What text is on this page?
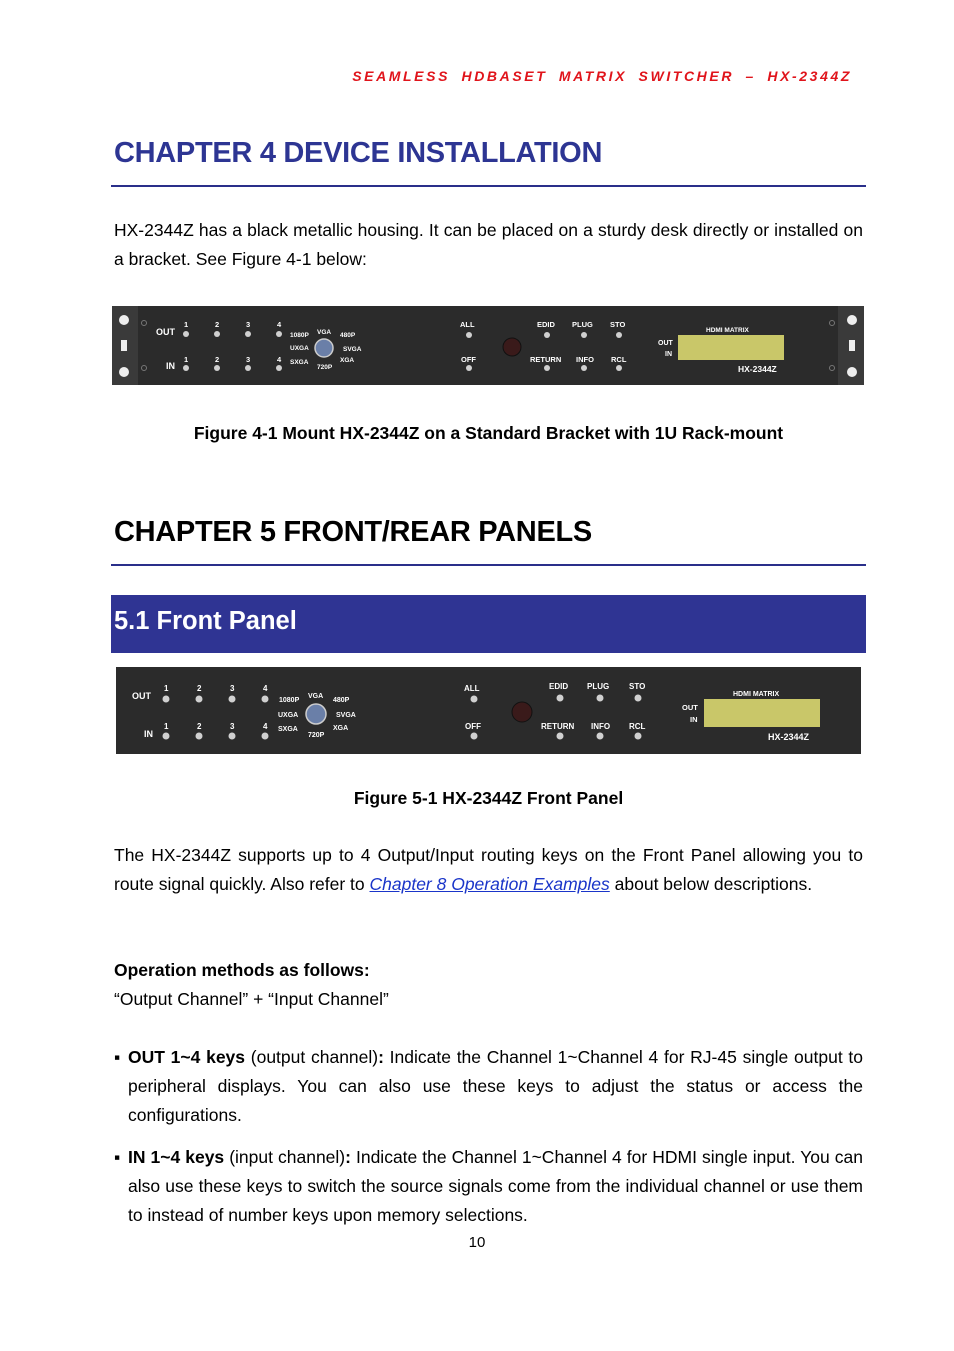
SEAMLESS HDBASET MATRIX SWITCHER – HX-2344Z
CHAPTER 4 DEVICE INSTALLATION
HX-2344Z has a black metallic housing. It can be placed on a sturdy desk directly or installed on a bracket. See Figure 4-1 below:
OUT
IN
1
1
2
2
3
3
4
4
1080P VGA 480P
UXGA	SVGA
SXGA	XGA
720P
ALL
OFF
EDID PLUG STO
RETURN INFO RCL
HDMI MATRIX
OUT
IN
HX-2344Z
Figure 4-1 Mount HX-2344Z on a Standard Bracket with 1U Rack-mount
CHAPTER 5 FRONT/REAR PANELS
5.1 Front Panel
OUT
IN
1
1
2
2
3
3
4
4
1080P
VGA
480P
UXGA	SVGA
SXGA	XGA
720P
ALL
OFF
EDID PLUG STO
RETURN INFO RCL
HDMI MATRIX
OUT
IN
HX-2344Z
Figure 5-1 HX-2344Z Front Panel
The HX-2344Z supports up to 4 Output/Input routing keys on the Front Panel allowing you to route signal quickly. Also refer to Chapter 8 Operation Examples about below descriptions.
Operation methods as follows:
“Output Channel” + “Input Channel”
▪ OUT 1~4 keys (output channel): Indicate the Channel 1~Channel 4 for RJ-45 single output to peripheral displays. You can also use these keys to adjust the status or access the configurations.
▪ IN 1~4 keys (input channel): Indicate the Channel 1~Channel 4 for HDMI single input. You can also use these keys to switch the source signals come from the individual channel or use them to instead of number keys upon memory selections.
10
